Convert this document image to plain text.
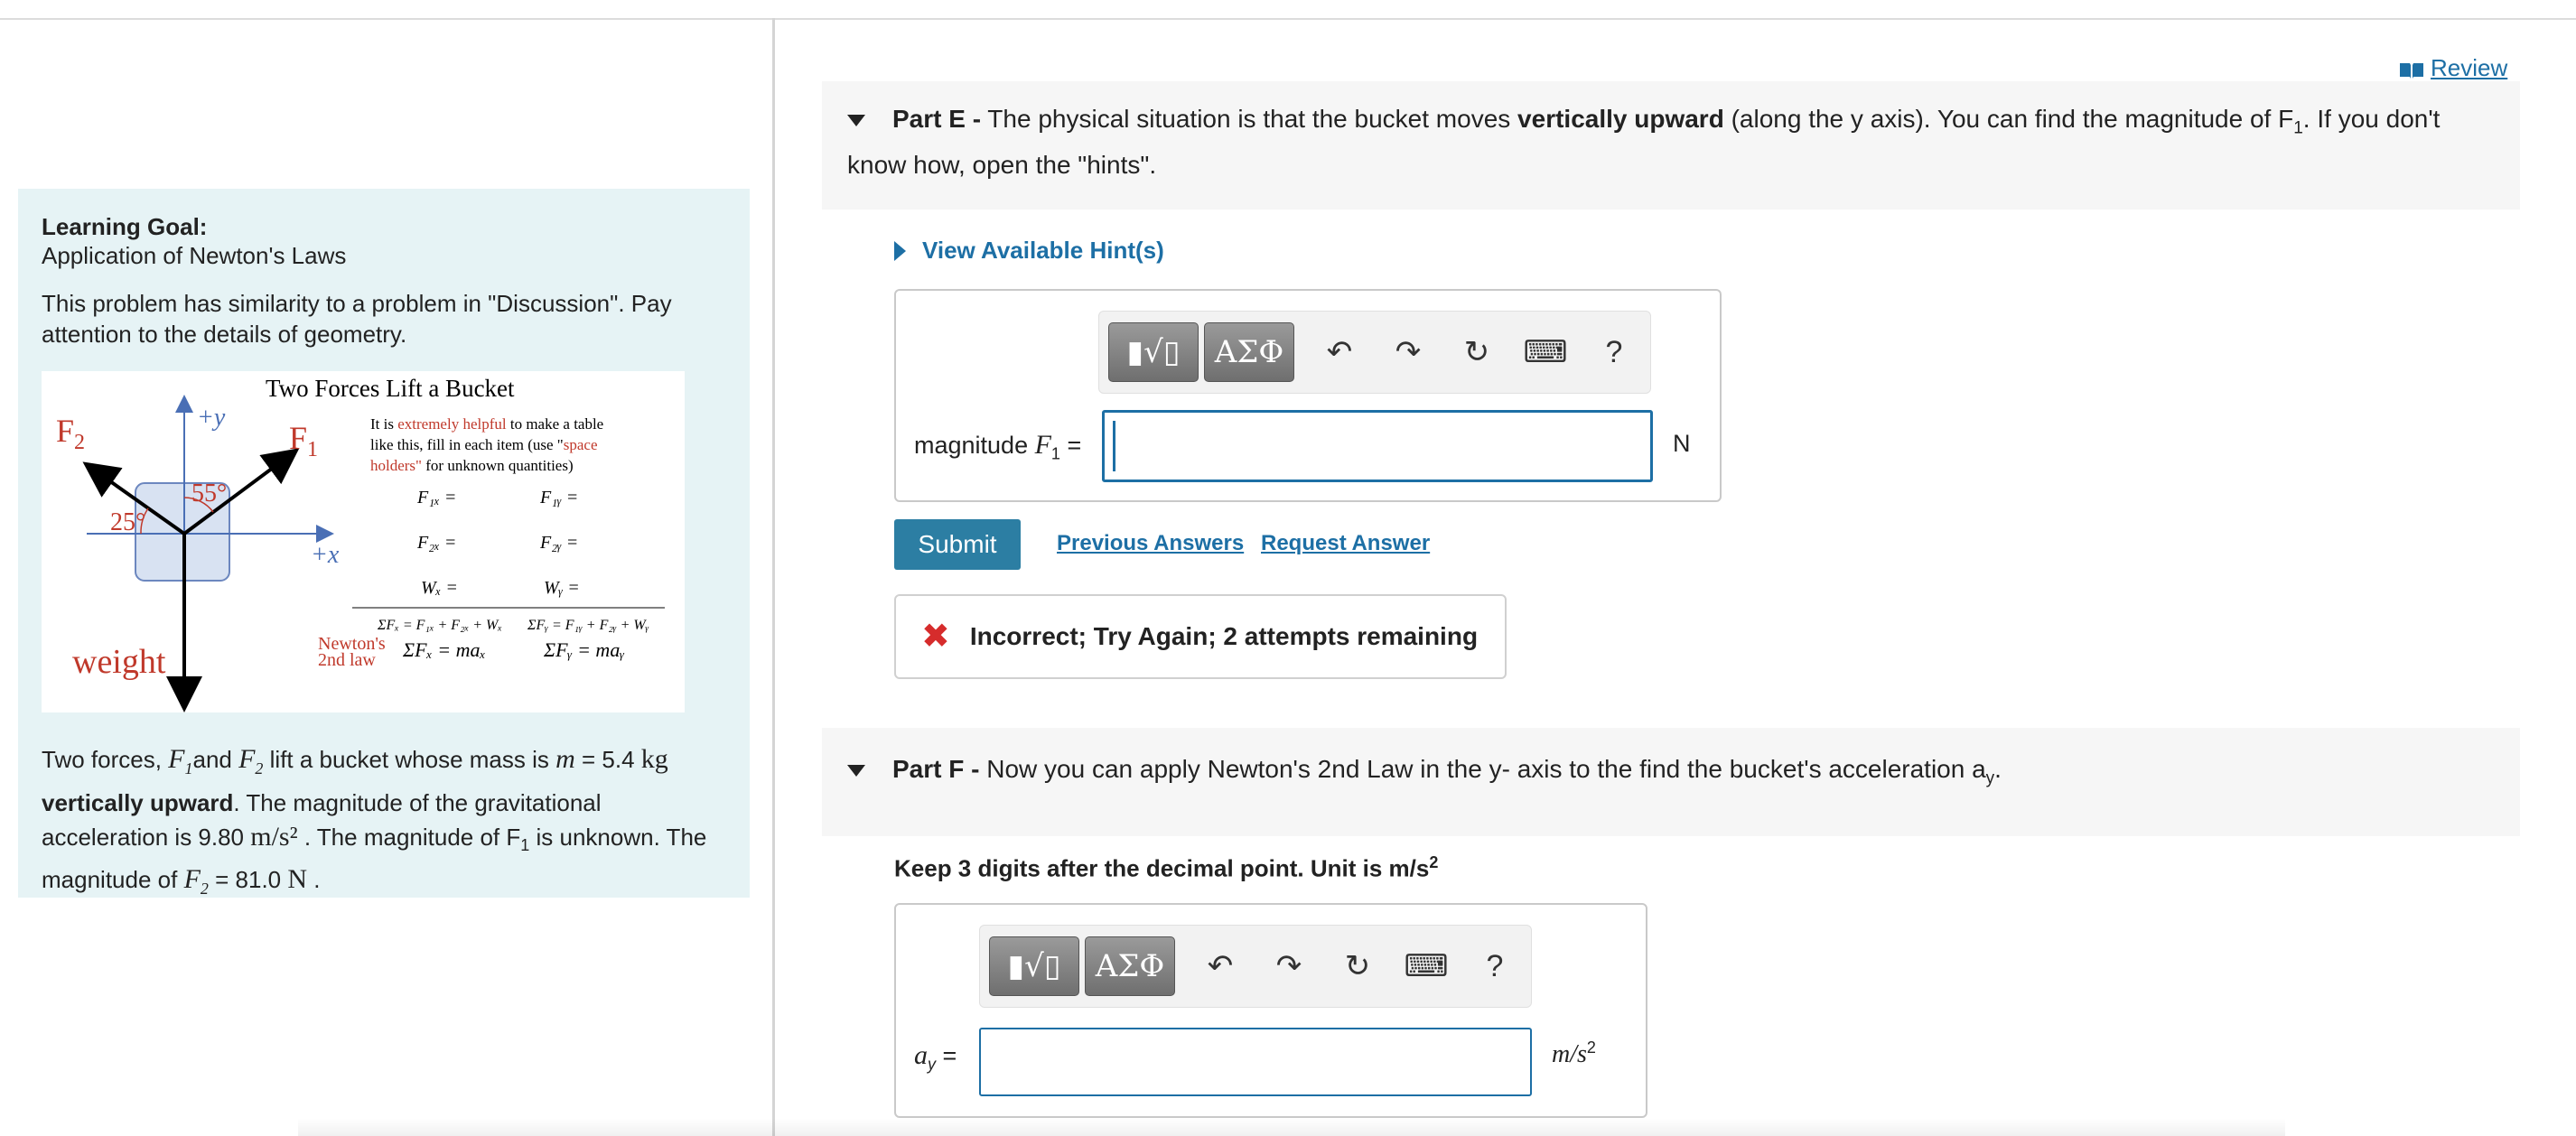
Learning Goal:
Application of Newton's Laws
This problem has similarity to a problem in "Discussion". Pay attention to the details of geometry.
Two Forces Lift a Bucket
$F_2$	$F_1$
+y
+x
55°
25°
weight
It is extremely helpful to make a table
like this, fill in each item (use "space
holders" for unknown quantities)
F₁ₓ =	F₁ᵧ =
F₂ₓ =	F₂ᵧ =
Wₓ =	Wᵧ =
ΣFₓ = F₁ₓ + F₂ₓ + Wₓ ΣFᵧ = F₁ᵧ + F₂ᵧ + Wᵧ
Newton's
2nd law ΣFₓ = maₓ	ΣFᵧ = maᵧ
Two forces, $F_1and$ $F_2$ lift a bucket whose mass is m = 5.4 kg vertically upward. The magnitude of the gravitational acceleration is 9.80 m/s² . The magnitude of $F_1$ is unknown. The magnitude of $F_2 = 81.0$ N .
Review
Part E - The physical situation is that the bucket moves vertically upward (along the y axis). You can find the magnitude of $F_1$. If you don't know how, open the "hints".
View Available Hint(s)
▮√▯	ΑΣΦ	↶	↷	↻	⌨	?
magnitude $F_1$ =	N
Submit	Previous Answers Request Answer
✖ Incorrect; Try Again; 2 attempts remaining
Part F - Now you can apply Newton's 2nd Law in the y- axis to the find the bucket's acceleration $a_y$.
Keep 3 digits after the decimal point. Unit is $m/s^2$
▮√▯	ΑΣΦ	↶	↷	↻	⌨	?
$a_y$ =	$m/s^2$
